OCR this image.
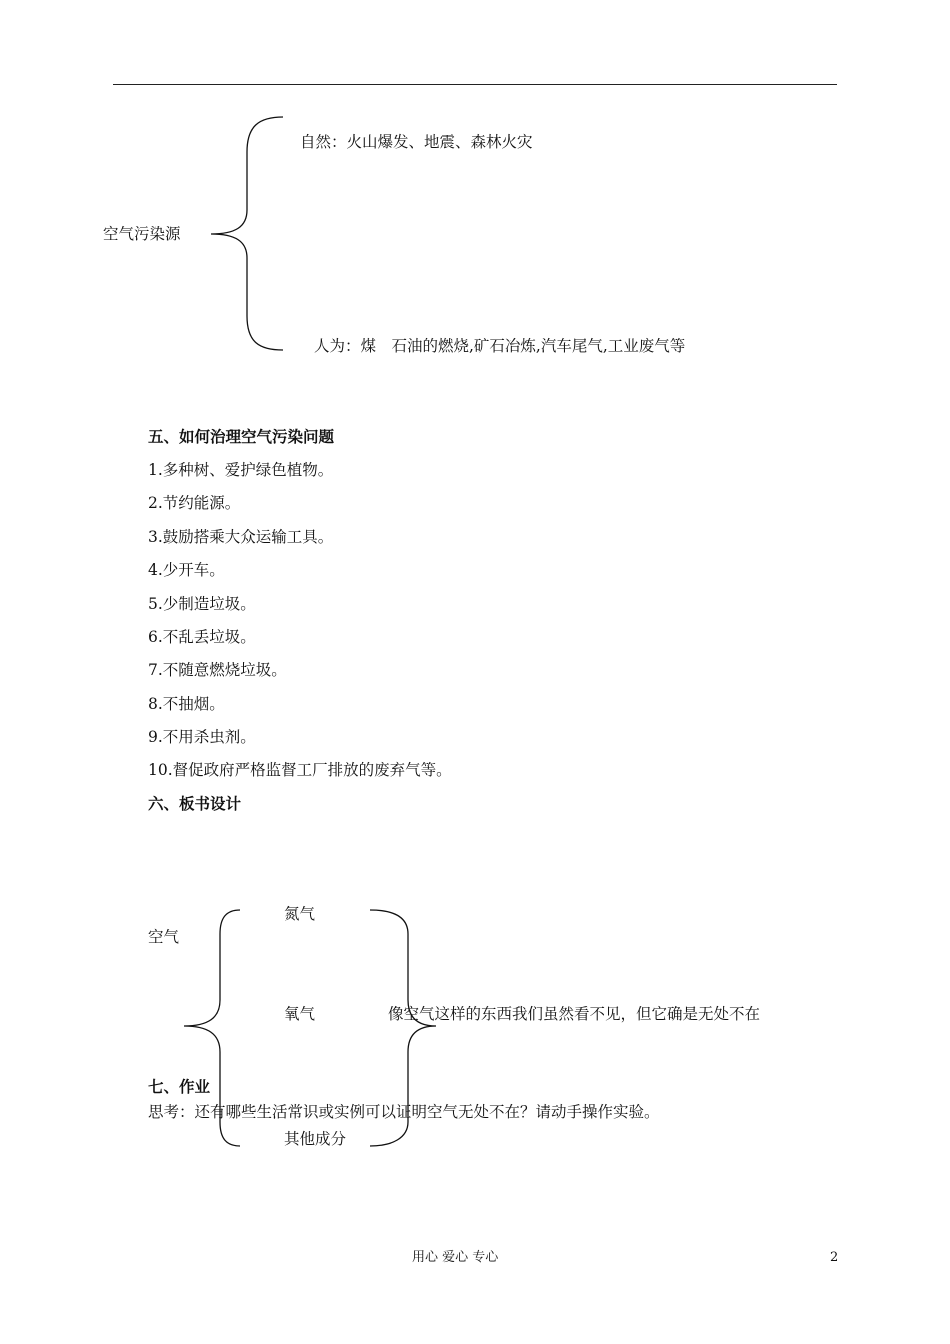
空气污染源
自然：火山爆发、地震、森林火灾
人为：煤　石油的燃烧,矿石冶炼,汽车尾气,工业废气等
五、如何治理空气污染问题
1.多种树、爱护绿色植物。
2.节约能源。
3.鼓励搭乘大众运输工具。
4.少开车。
5.少制造垃圾。
6.不乱丢垃圾。
7.不随意燃烧垃圾。
8.不抽烟。
9.不用杀虫剂。
10.督促政府严格监督工厂排放的废弃气等。
六、板书设计
空气
氮气
氧气
其他成分
像空气这样的东西我们虽然看不见，但它确是无处不在
七、作业
思考：还有哪些生活常识或实例可以证明空气无处不在？请动手操作实验。
用心 爱心 专心	2
